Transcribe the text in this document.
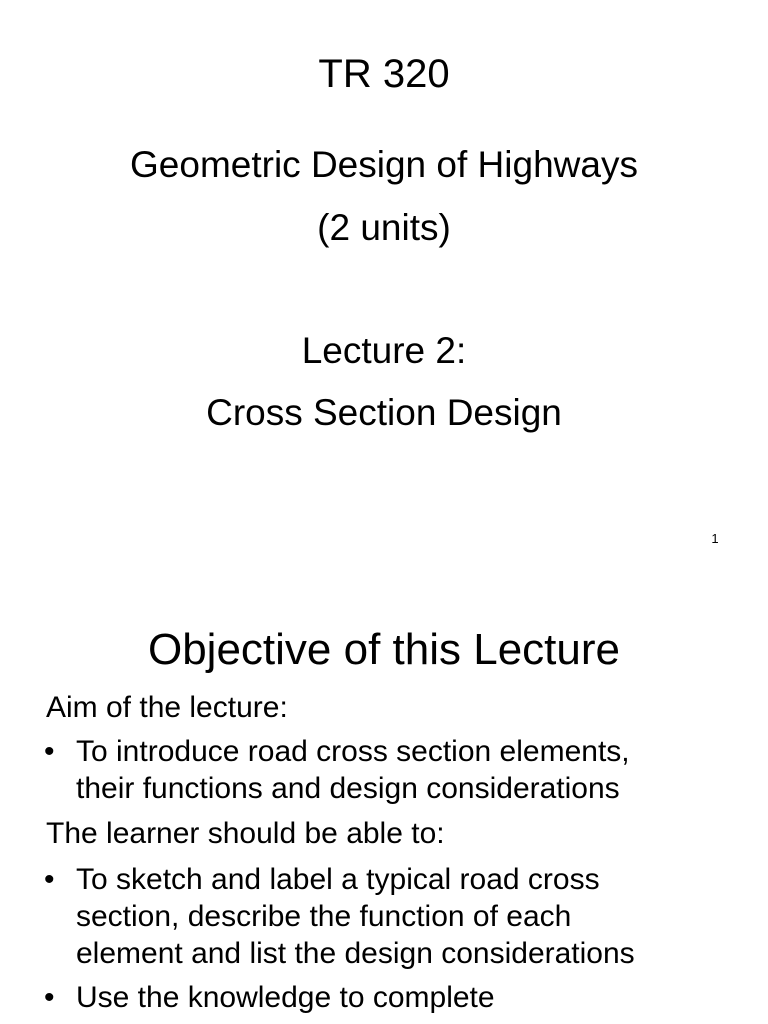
TR 320
Geometric Design of Highways
(2 units)
Lecture 2:
Cross Section Design
1
Objective of this Lecture
Aim of the lecture:
• To introduce road cross section elements,
their functions and design considerations
The learner should be able to:
• To sketch and label a typical road cross
section, describe the function of each
element and list the design considerations
• Use the knowledge to complete
